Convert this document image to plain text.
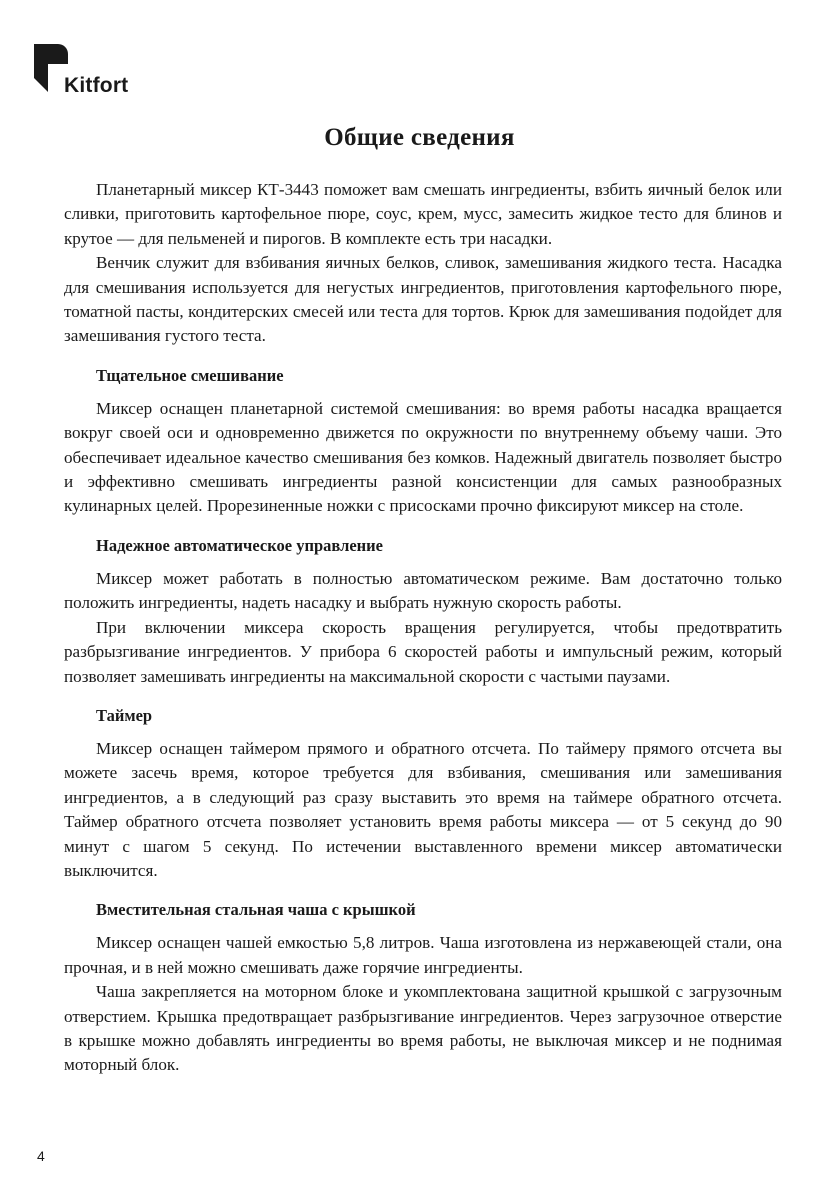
Kitfort
Общие сведения

Планетарный миксер КТ-3443 поможет вам смешать ингредиенты, взбить яичный белок или сливки, приготовить картофельное пюре, соус, крем, мусс, замесить жидкое тесто для блинов и крутое — для пельменей и пирогов. В комплекте есть три насадки.

Венчик служит для взбивания яичных белков, сливок, замешивания жидкого теста. Насадка для смешивания используется для негустых ингредиентов, приготовления картофельного пюре, томатной пасты, кондитерских смесей или теста для тортов. Крюк для замешивания подойдет для замешивания густого теста.

Тщательное смешивание

Миксер оснащен планетарной системой смешивания: во время работы насадка вращается вокруг своей оси и одновременно движется по окружности по внутреннему объему чаши. Это обеспечивает идеальное качество смешивания без комков. Надежный двигатель позволяет быстро и эффективно смешивать ингредиенты разной консистенции для самых разнообразных кулинарных целей. Прорезиненные ножки с присосками прочно фиксируют миксер на столе.

Надежное автоматическое управление

Миксер может работать в полностью автоматическом режиме. Вам достаточно только положить ингредиенты, надеть насадку и выбрать нужную скорость работы.

При включении миксера скорость вращения регулируется, чтобы предотвратить разбрызгивание ингредиентов. У прибора 6 скоростей работы и импульсный режим, который позволяет замешивать ингредиенты на максимальной скорости с частыми паузами.

Таймер

Миксер оснащен таймером прямого и обратного отсчета. По таймеру прямого отсчета вы можете засечь время, которое требуется для взбивания, смешивания или замешивания ингредиентов, а в следующий раз сразу выставить это время на таймере обратного отсчета. Таймер обратного отсчета позволяет установить время работы миксера — от 5 секунд до 90 минут с шагом 5 секунд. По истечении выставленного времени миксер автоматически выключится.

Вместительная стальная чаша с крышкой

Миксер оснащен чашей емкостью 5,8 литров. Чаша изготовлена из нержавеющей стали, она прочная, и в ней можно смешивать даже горячие ингредиенты.

Чаша закрепляется на моторном блоке и укомплектована защитной крышкой с загрузочным отверстием. Крышка предотвращает разбрызгивание ингредиентов. Через загрузочное отверстие в крышке можно добавлять ингредиенты во время работы, не выключая миксер и не поднимая моторный блок.

4
